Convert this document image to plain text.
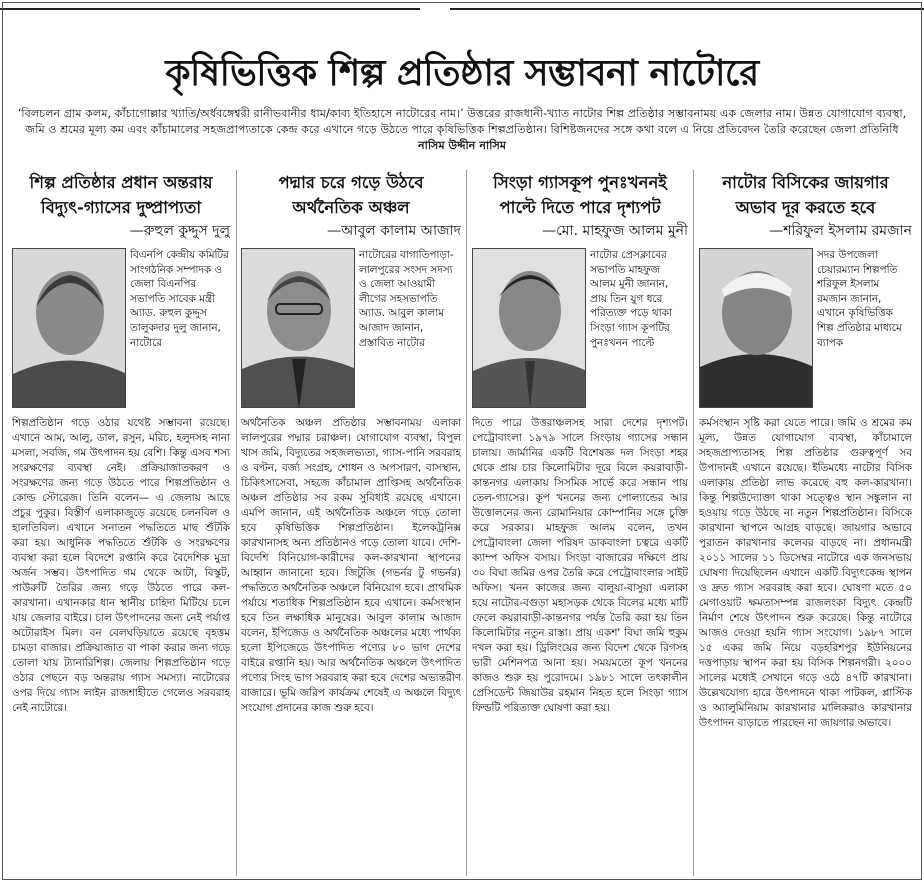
কৃষিভিত্তিক শিল্প প্রতিষ্ঠার সম্ভাবনা নাটোরে

‘বিলচলন গ্রাম কলম, কাঁচাগোল্লার খ্যাতি/অর্ধবঙ্গেশ্বরী রানীভবানীর ধাম/কাব্য ইতিহাসে নাটোরের নাম।’ উত্তরের রাজধানী-খ্যাত নাটোর শিল্প প্রতিষ্ঠার সম্ভাবনাময় এক জেলার নাম। উন্নত যোগাযোগ ব্যবস্থা, জমি ও শ্রমের মূল্য কম এবং কাঁচামালের সহজপ্রাপ্যতাকে কেন্দ্র করে এখানে গড়ে উঠতে পারে কৃষিভিত্তিক শিল্পপ্রতিষ্ঠান। বিশিষ্টজনদের সঙ্গে কথা বলে এ নিয়ে প্রতিবেদন তৈরি করেছেন জেলা প্রতিনিধি নাসিম উদ্দীন নাসিম

শিল্প প্রতিষ্ঠার প্রধান অন্তরায়
বিদ্যুৎ-গ্যাসের দুষ্প্রাপ্যতা
—রুহুল কুদ্দুস দুলু
বিএনপি কেন্দ্রীয় কমিটির সাংগঠনিক সম্পাদক ও জেলা বিএনপির সভাপতি সাবেক মন্ত্রী অ্যাড. রুহুল কুদ্দুস তালুকদার দুলু জানান, নাটোরে
শিল্পপ্রতিষ্ঠান গড়ে ওঠার যথেষ্ট সম্ভাবনা রয়েছে। এখানে আম, আলু, ডাল, রসুন, মরিচ, হলুদসহ নানা মসলা, সবজি, গম উৎপাদন হয় বেশি। কিন্তু এসব শস্য সংরক্ষণের ব্যবস্থা নেই। প্রক্রিয়াজাতকরণ ও সংরক্ষণের জন্য গড়ে উঠতে পারে শিল্পপ্রতিষ্ঠান ও কোল্ড স্টোরেজ। তিনি বলেন— এ জেলায় আছে প্রচুর পুকুর। বিস্তীর্ণ এলাকাজুড়ে রয়েছে চলনবিল ও হালতিবিল। এখানে সনাতন পদ্ধতিতে মাছ শুঁটকি করা হয়। আধুনিক পদ্ধতিতে শুঁটকি ও সংরক্ষণের ব্যবস্থা করা হলে বিদেশে রপ্তানি করে বৈদেশিক মুদ্রা অর্জন সম্ভব। উৎপাদিত গম থেকে আটা, বিস্কুট, পাউরুটি তৈরির জন্য গড়ে উঠতে পারে কল-কারখানা। এখানকার ধান স্থানীয় চাহিদা মিটিয়ে চলে যায় জেলার বাইরে। চাল উৎপাদনের জন্য নেই পর্যাপ্ত অটোরাইস মিল। বন বেলঘড়িয়াতে রয়েছে বৃহত্তম চামড়া বাজার। প্রক্রিয়াজাত বা পাকা করার জন্য গড়ে তোলা যায় ট্যানারিশিল্প। জেলায় শিল্পপ্রতিষ্ঠান গড়ে ওঠার পেছনে বড় অন্তরায় গ্যাস সমস্যা। নাটোরের ওপর দিয়ে গ্যাস লাইন রাজশাহীতে গেলেও সরবরাহ নেই নাটোরে।
পদ্মার চরে গড়ে উঠবে
অর্থনৈতিক অঞ্চল
—আবুল কালাম আজাদ
নাটোরের বাগাতিপাড়া-লালপুরের সংসদ সদস্য ও জেলা আওয়ামী লীগের সহসভাপতি অ্যাড. আবুল কালাম আজাদ জানান, প্রস্তাবিত নাটোর
অর্থনৈতিক অঞ্চল প্রতিষ্ঠার সম্ভাবনাময় এলাকা লালপুরের পদ্মার চরাঞ্চল। যোগাযোগ ব্যবস্থা, বিপুল খাস জমি, বিদ্যুতের সহজলভ্যতা, গ্যাস-পানি সরবরাহ ও বণ্টন, বর্জ্য সংগ্রহ, শোধন ও অপসারণ, বাসস্থান, চিকিৎসাসেবা, সহজে কাঁচামাল প্রাপ্তিসহ অর্থনৈতিক অঞ্চল প্রতিষ্ঠার সব রকম সুবিধাই রয়েছে এখানে। এমপি জানান, এই অর্থনৈতিক অঞ্চলে গড়ে তোলা হবে কৃষিভিত্তিক শিল্পপ্রতিষ্ঠান। ইলেকট্রনিক্স কারখানাসহ অন্য প্রতিষ্ঠানও গড়ে তোলা যাবে। দেশি-বিদেশি বিনিয়োগ-কারীদের কল-কারখানা স্থাপনের আহ্বান জানানো হবে। জিটুজি (গভর্নর টু গভর্নর) পদ্ধতিতে অর্থনৈতিক অঞ্চলে বিনিয়োগ হবে। প্রাথমিক পর্যায়ে শতাধিক শিল্পপ্রতিষ্ঠান হবে এখানে। কর্মসংস্থান হবে তিন লক্ষাধিক মানুষের। আবুল কালাম আজাদ বলেন, ইপিজেড ও অর্থনৈতিক অঞ্চলের মধ্যে পার্থক্য হলো ইপিজেডে উৎপাদিত পণ্যের ৮০ ভাগ দেশের বাইরে রপ্তানি হয়। আর অর্থনৈতিক অঞ্চলে উৎপাদিত পণ্যের সিংহ ভাগ সরবরাহ করা হবে দেশের অভ্যন্তরীণ বাজারে। ভূমি জরিপ কার্যক্রম শেষেই এ অঞ্চলে বিদ্যুৎ সংযোগ প্রদানের কাজ শুরু হবে।
সিংড়া গ্যাসকূপ পুনঃখননই
পাল্টে দিতে পারে দৃশ্যপট
—মো. মাহফুজ আলম মুনী
নাটোর প্রেসক্লাবের সভাপতি মাহফুজ আলম মুনী জানান, প্রায় তিন যুগ ধরে পরিত্যক্ত পড়ে থাকা সিংড়া গ্যাস কূপটির পুনঃখনন পাল্টে
দিতে পারে উত্তরাঞ্চলসহ সারা দেশের দৃশ্যপট। পেট্রোবাংলা ১৯৭৯ সালে সিংড়ায় গ্যাসের সন্ধান চালায়। জার্মানির একটি বিশেষজ্ঞ দল সিংড়া শহর থেকে প্রায় চার কিলোমিটার দূরে বিলে কয়রাবাড়ী-কান্তনগর এলাকায় সিসমিক সার্ভে করে সন্ধান পায় তেল-গ্যাসের। কূপ খননের জন্য পোল্যান্ডের আর উত্তোলনের জন্য রোমানিয়ার কোম্পানির সঙ্গে চুক্তি করে সরকার। মাহফুজ আলম বলেন, তখন পেট্রোবাংলা জেলা পরিষদ ডাকবাংলা চত্বরে একটি ক্যাম্প অফিস বসায়। সিংড়া বাজারের দক্ষিণে প্রায় ৩০ বিঘা জমির ওপর তৈরি করে পেট্রোবাংলার সাইট অফিস। খনন কাজের জন্য বালুয়া-বাসুয়া এলাকা হয়ে নাটোর-বগুড়া মহাসড়ক থেকে বিলের মধ্যে মাটি ফেলে কয়রাবাড়ী-কান্তনগর পর্যন্ত তৈরি করা হয় তিন কিলোমিটার নতুন রাস্তা। প্রায় একশ' বিঘা জমি হুকুম দখল করা হয়। ড্রিলিংয়ের জন্য বিদেশ থেকে রিগসহ ভারী মেশিনপত্র আনা হয়। সময়মতো কূপ খননের কাজও শুরু হয় পুরোদমে। ১৯৮১ সালে তৎকালীন প্রেসিডেন্ট জিয়াউর রহমান নিহত হলে সিংড়া গ্যাস ফিল্ডটি পরিত্যক্ত ঘোষণা করা হয়।
নাটোর বিসিকের জায়গার
অভাব দূর করতে হবে
—শরিফুল ইসলাম রমজান
সদর উপজেলা চেয়ারম্যান শিল্পপতি শরিফুল ইসলাম রমজান জানান, এখানে কৃষিভিত্তিক শিল্প প্রতিষ্ঠার মাধ্যমে ব্যাপক
কর্মসংস্থান সৃষ্টি করা যেতে পারে। জমি ও শ্রমের কম মূল্য, উন্নত যোগাযোগ ব্যবস্থা, কাঁচামালে সহজপ্রাপ্যতাসহ শিল্প প্রতিষ্ঠার গুরুত্বপূর্ণ সব উপাদানই এখানে রয়েছে। ইতিমধ্যে নাটোর বিসিক এলাকায় প্রতিষ্ঠা লাভ করেছে বহু কল-কারখানা। কিন্তু শিল্পউদ্যোক্তা থাকা সত্ত্বেও স্থান সঙ্কুলান না হওয়ায় গড়ে উঠছে না নতুন শিল্পপ্রতিষ্ঠান। বিসিকে কারখানা স্থাপনে আগ্রহ বাড়ছে। জায়গার অভাবে পুরাতন কারখানার কলেবর বাড়ছে না। প্রধানমন্ত্রী ২০১১ সালের ১১ ডিসেম্বর নাটোরে এক জনসভায় ঘোষণা দিয়েছিলেন এখানে একটি বিদ্যুৎকেন্দ্র স্থাপন ও দ্রুত গ্যাস সরবরাহ করা হবে। ঘোষণা মতে ৫০ মেগাওয়াট ক্ষমতাসম্পন্ন রাজলংকা বিদ্যুৎ কেন্দ্রটি নির্মাণ শেষে উৎপাদন শুরু করেছে। কিন্তু নাটোরে আজও দেওয়া হয়নি গ্যাস সংযোগ। ১৯৮৭ সালে ১৫ একর জমি নিয়ে বড়হরিশপুর ইউনিয়নের দত্তপাড়ায় স্থাপন করা হয় বিসিক শিল্পনগরী। ২০০০ সালের মধ্যেই সেখানে গড়ে ওঠে ৪৭টি কারখানা। উল্লেখযোগ্য হারে উৎপাদনে থাকা পাটকল, প্লাস্টিক ও অ্যালুমিনিয়াম কারখানার মালিকরাও কারখানার উৎপাদন বাড়াতে পারছেন না জায়গার অভাবে।
